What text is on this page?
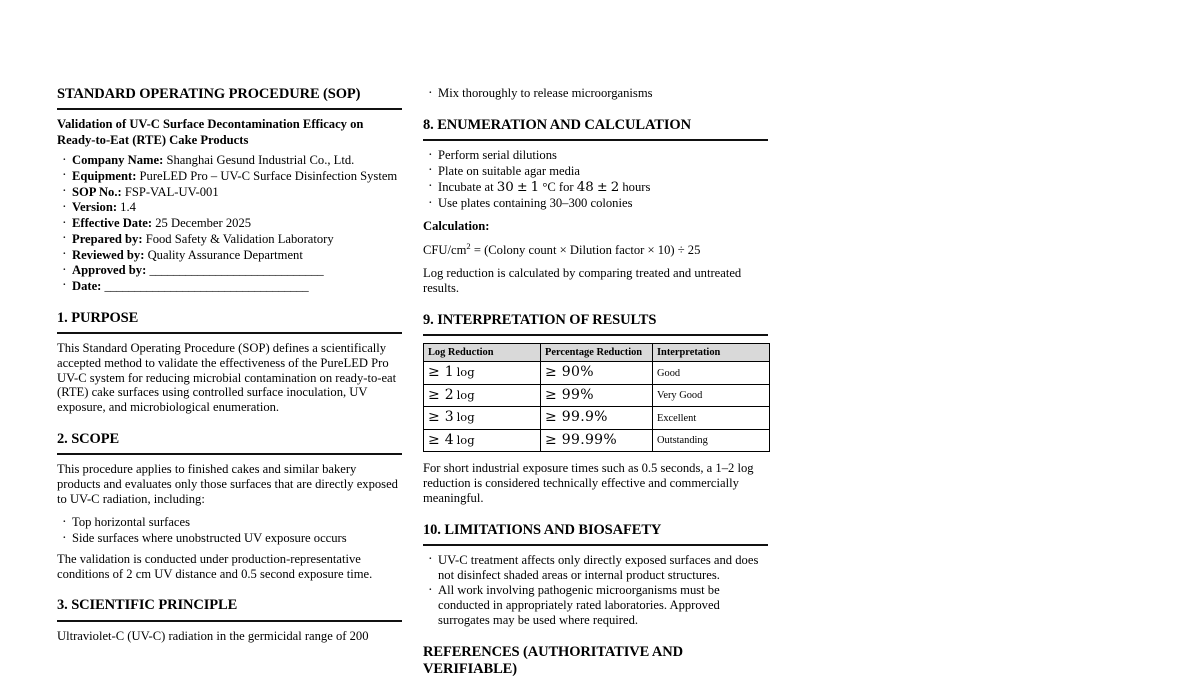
STANDARD OPERATING PROCEDURE (SOP)
Validation of UV-C Surface Decontamination Efficacy on Ready-to-Eat (RTE) Cake Products
· Company Name: Shanghai Gesund Industrial Co., Ltd.
· Equipment: PureLED Pro – UV-C Surface Disinfection System
· SOP No.: FSP-VAL-UV-001
· Version: 1.4
· Effective Date: 25 December 2025
· Prepared by: Food Safety & Validation Laboratory
· Reviewed by: Quality Assurance Department
· Approved by: _____________________________
· Date: __________________________________
1. PURPOSE

This Standard Operating Procedure (SOP) defines a scientifically accepted method to validate the effectiveness of the PureLED Pro UV-C system for reducing microbial contamination on ready-to-eat (RTE) cake surfaces using controlled surface inoculation, UV exposure, and microbiological enumeration.

2. SCOPE

This procedure applies to finished cakes and similar bakery products and evaluates only those surfaces that are directly exposed to UV-C radiation, including:

· Top horizontal surfaces
· Side surfaces where unobstructed UV exposure occurs

The validation is conducted under production-representative conditions of 2 cm UV distance and 0.5 second exposure time.

3. SCIENTIFIC PRINCIPLE

Ultraviolet-C (UV-C) radiation in the germicidal range of 200

· Mix thoroughly to release microorganisms
8. ENUMERATION AND CALCULATION
· Perform serial dilutions
· Plate on suitable agar media
· Incubate at 30 ± 1 °C for 48 ± 2 hours
· Use plates containing 30–300 colonies
Calculation:

CFU/$cm^2$ = (Colony count × Dilution factor × 10) ÷ 25

Log reduction is calculated by comparing treated and untreated results.

9. INTERPRETATION OF RESULTS
Log Reduction	Percentage Reduction	Interpretation
≥ 1 log	≥ 90%	Good
≥ 2 log	≥ 99%	Very Good
≥ 3 log	≥ 99.9%	Excellent
≥ 4 log	≥ 99.99%	Outstanding

For short industrial exposure times such as 0.5 seconds, a 1–2 log reduction is considered technically effective and commercially meaningful.

10. LIMITATIONS AND BIOSAFETY
· UV-C treatment affects only directly exposed surfaces and does not disinfect shaded areas or internal product structures.
· All work involving pathogenic microorganisms must be conducted in appropriately rated laboratories. Approved surrogates may be used where required.
REFERENCES (AUTHORITATIVE AND VERIFIABLE)
